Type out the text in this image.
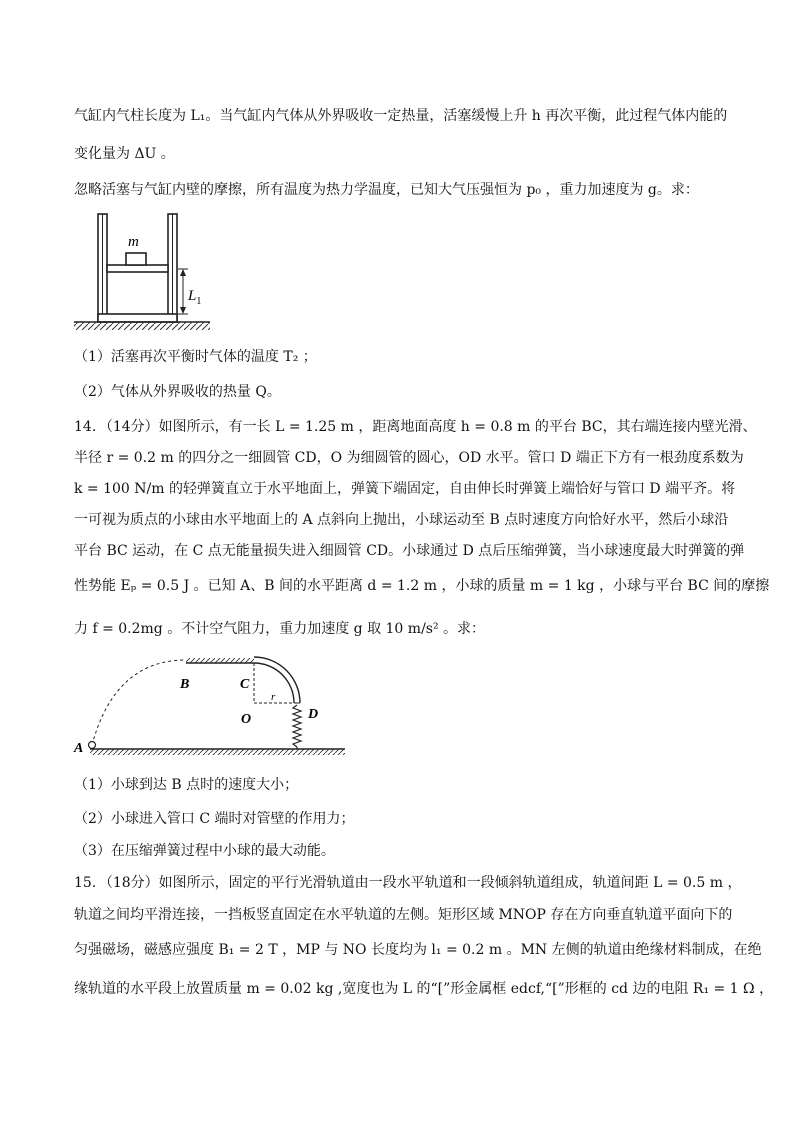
气缸内气柱长度为 L₁。当气缸内气体从外界吸收一定热量，活塞缓慢上升 h 再次平衡，此过程气体内能的
变化量为 ΔU 。
忽略活塞与气缸内壁的摩擦，所有温度为热力学温度，已知大气压强恒为 p₀ ，重力加速度为 g。求：
m
$L_1$
（1）活塞再次平衡时气体的温度 T₂ ；
（2）气体从外界吸收的热量 Q。
14．（14分）如图所示，有一长 L = 1.25 m ，距离地面高度 h = 0.8 m 的平台 BC，其右端连接内壁光滑、
半径 r = 0.2 m 的四分之一细圆管 CD，O 为细圆管的圆心，OD 水平。管口 D 端正下方有一根劲度系数为
k = 100 N/m 的轻弹簧直立于水平地面上，弹簧下端固定，自由伸长时弹簧上端恰好与管口 D 端平齐。将
一可视为质点的小球由水平地面上的 A 点斜向上抛出，小球运动至 B 点时速度方向恰好水平，然后小球沿
平台 BC 运动，在 C 点无能量损失进入细圆管 CD。小球通过 D 点后压缩弹簧，当小球速度最大时弹簧的弹
性势能 Eₚ = 0.5 J 。已知 A、B 间的水平距离 d = 1.2 m ，小球的质量 m = 1 kg ，小球与平台 BC 间的摩擦
力 f = 0.2mg 。不计空气阻力，重力加速度 g 取 10 m/s² 。求：
A
B	C
O	D
r
（1）小球到达 B 点时的速度大小；
（2）小球进入管口 C 端时对管壁的作用力；
（3）在压缩弹簧过程中小球的最大动能。
15．（18分）如图所示，固定的平行光滑轨道由一段水平轨道和一段倾斜轨道组成，轨道间距 L = 0.5 m ，
轨道之间均平滑连接，一挡板竖直固定在水平轨道的左侧。矩形区域 MNOP 存在方向垂直轨道平面向下的
匀强磁场，磁感应强度 B₁ = 2 T ，MP 与 NO 长度均为 l₁ = 0.2 m 。MN 左侧的轨道由绝缘材料制成，在绝
缘轨道的水平段上放置质量 m = 0.02 kg ,宽度也为 L 的“[”形金属框 edcf,“[”形框的 cd 边的电阻 R₁ = 1 Ω ，
